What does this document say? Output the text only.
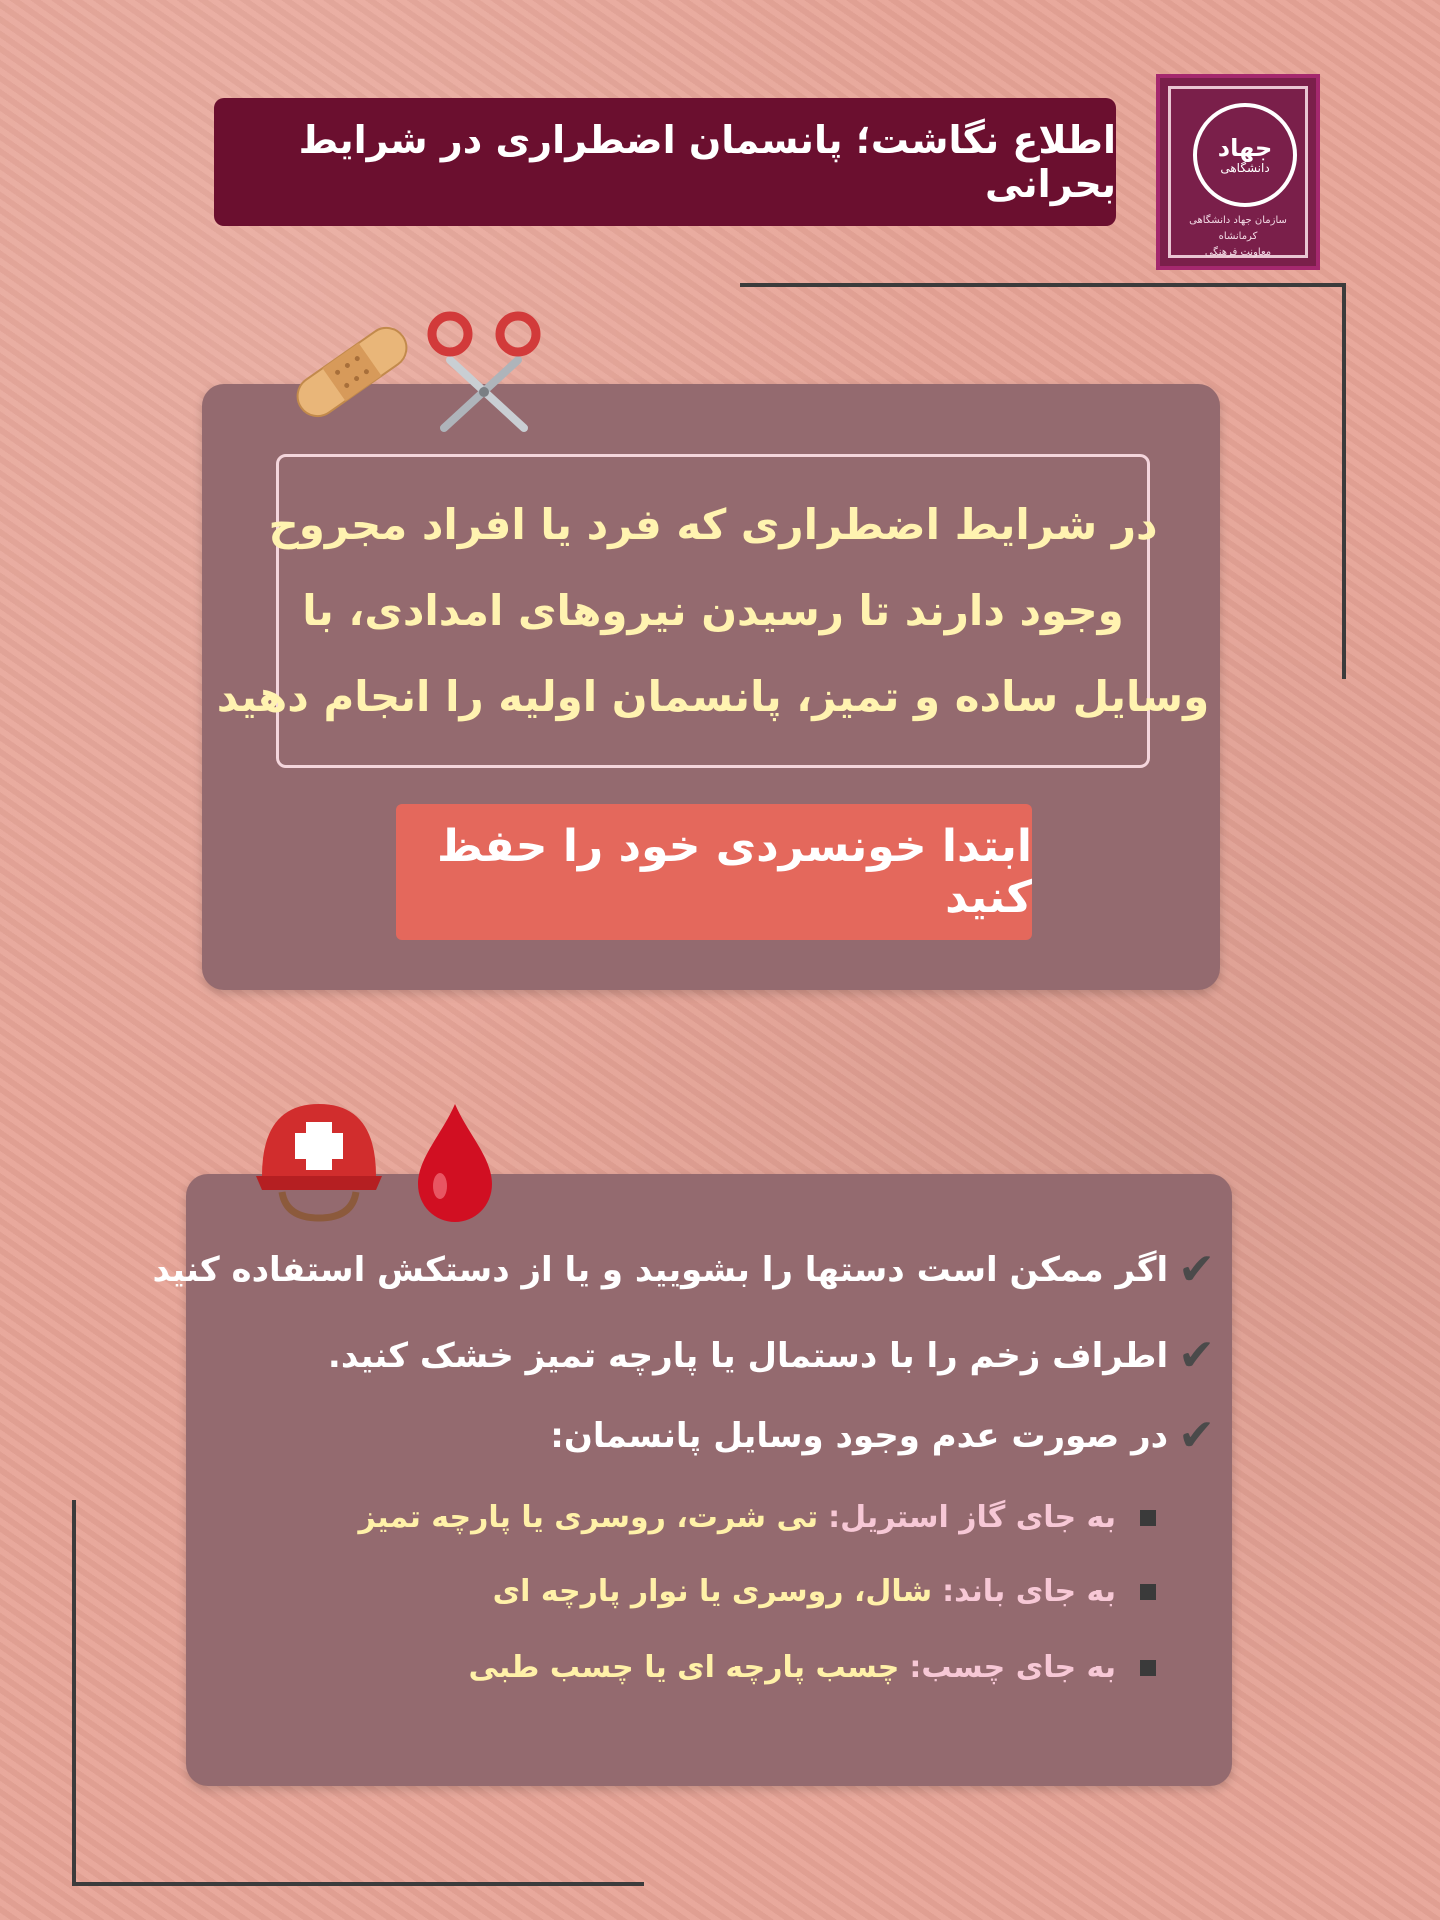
اطلاع نگاشت؛ پانسمان اضطراری در شرایط بحرانی
جهاد
دانشگاهی
سازمان جهاد دانشگاهی کرمانشاه
معاونت فرهنگی
در شرایط اضطراری که فرد یا افراد مجروح
وجود دارند تا رسیدن نیروهای امدادی، با
وسایل ساده و تمیز، پانسمان اولیه را انجام دهید
ابتدا خونسردی خود را حفظ کنید
✔
اگر ممکن است دستها را بشویید و یا از دستکش استفاده کنید
✔
اطراف زخم را با دستمال یا پارچه تمیز خشک کنید.
✔
در صورت عدم وجود وسایل پانسمان:
به جای گاز استریل:
تی شرت، روسری یا پارچه تمیز
به جای باند:
شال، روسری یا نوار پارچه ای
به جای چسب:
چسب پارچه ای یا چسب طبی
